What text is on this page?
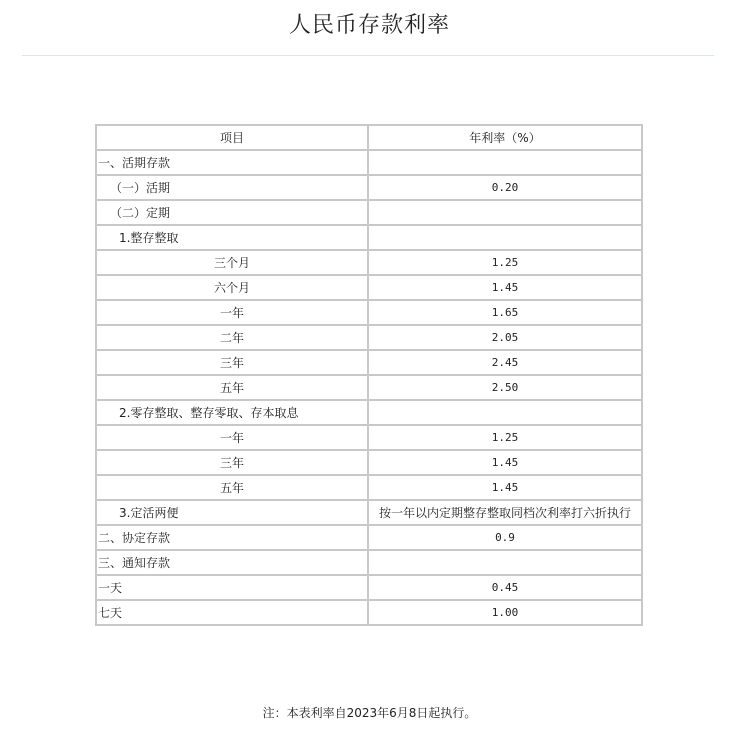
人民币存款利率
项目	年利率（%）
一、活期存款	
（一）活期	0.20
（二）定期	
1.整存整取	
三个月	1.25
六个月	1.45
一年	1.65
二年	2.05
三年	2.45
五年	2.50
2.零存整取、整存零取、存本取息	
一年	1.25
三年	1.45
五年	1.45
3.定活两便	按一年以内定期整存整取同档次利率打六折执行
二、协定存款	0.9
三、通知存款	
一天	0.45
七天	1.00
注：本表利率自2023年6月8日起执行。
